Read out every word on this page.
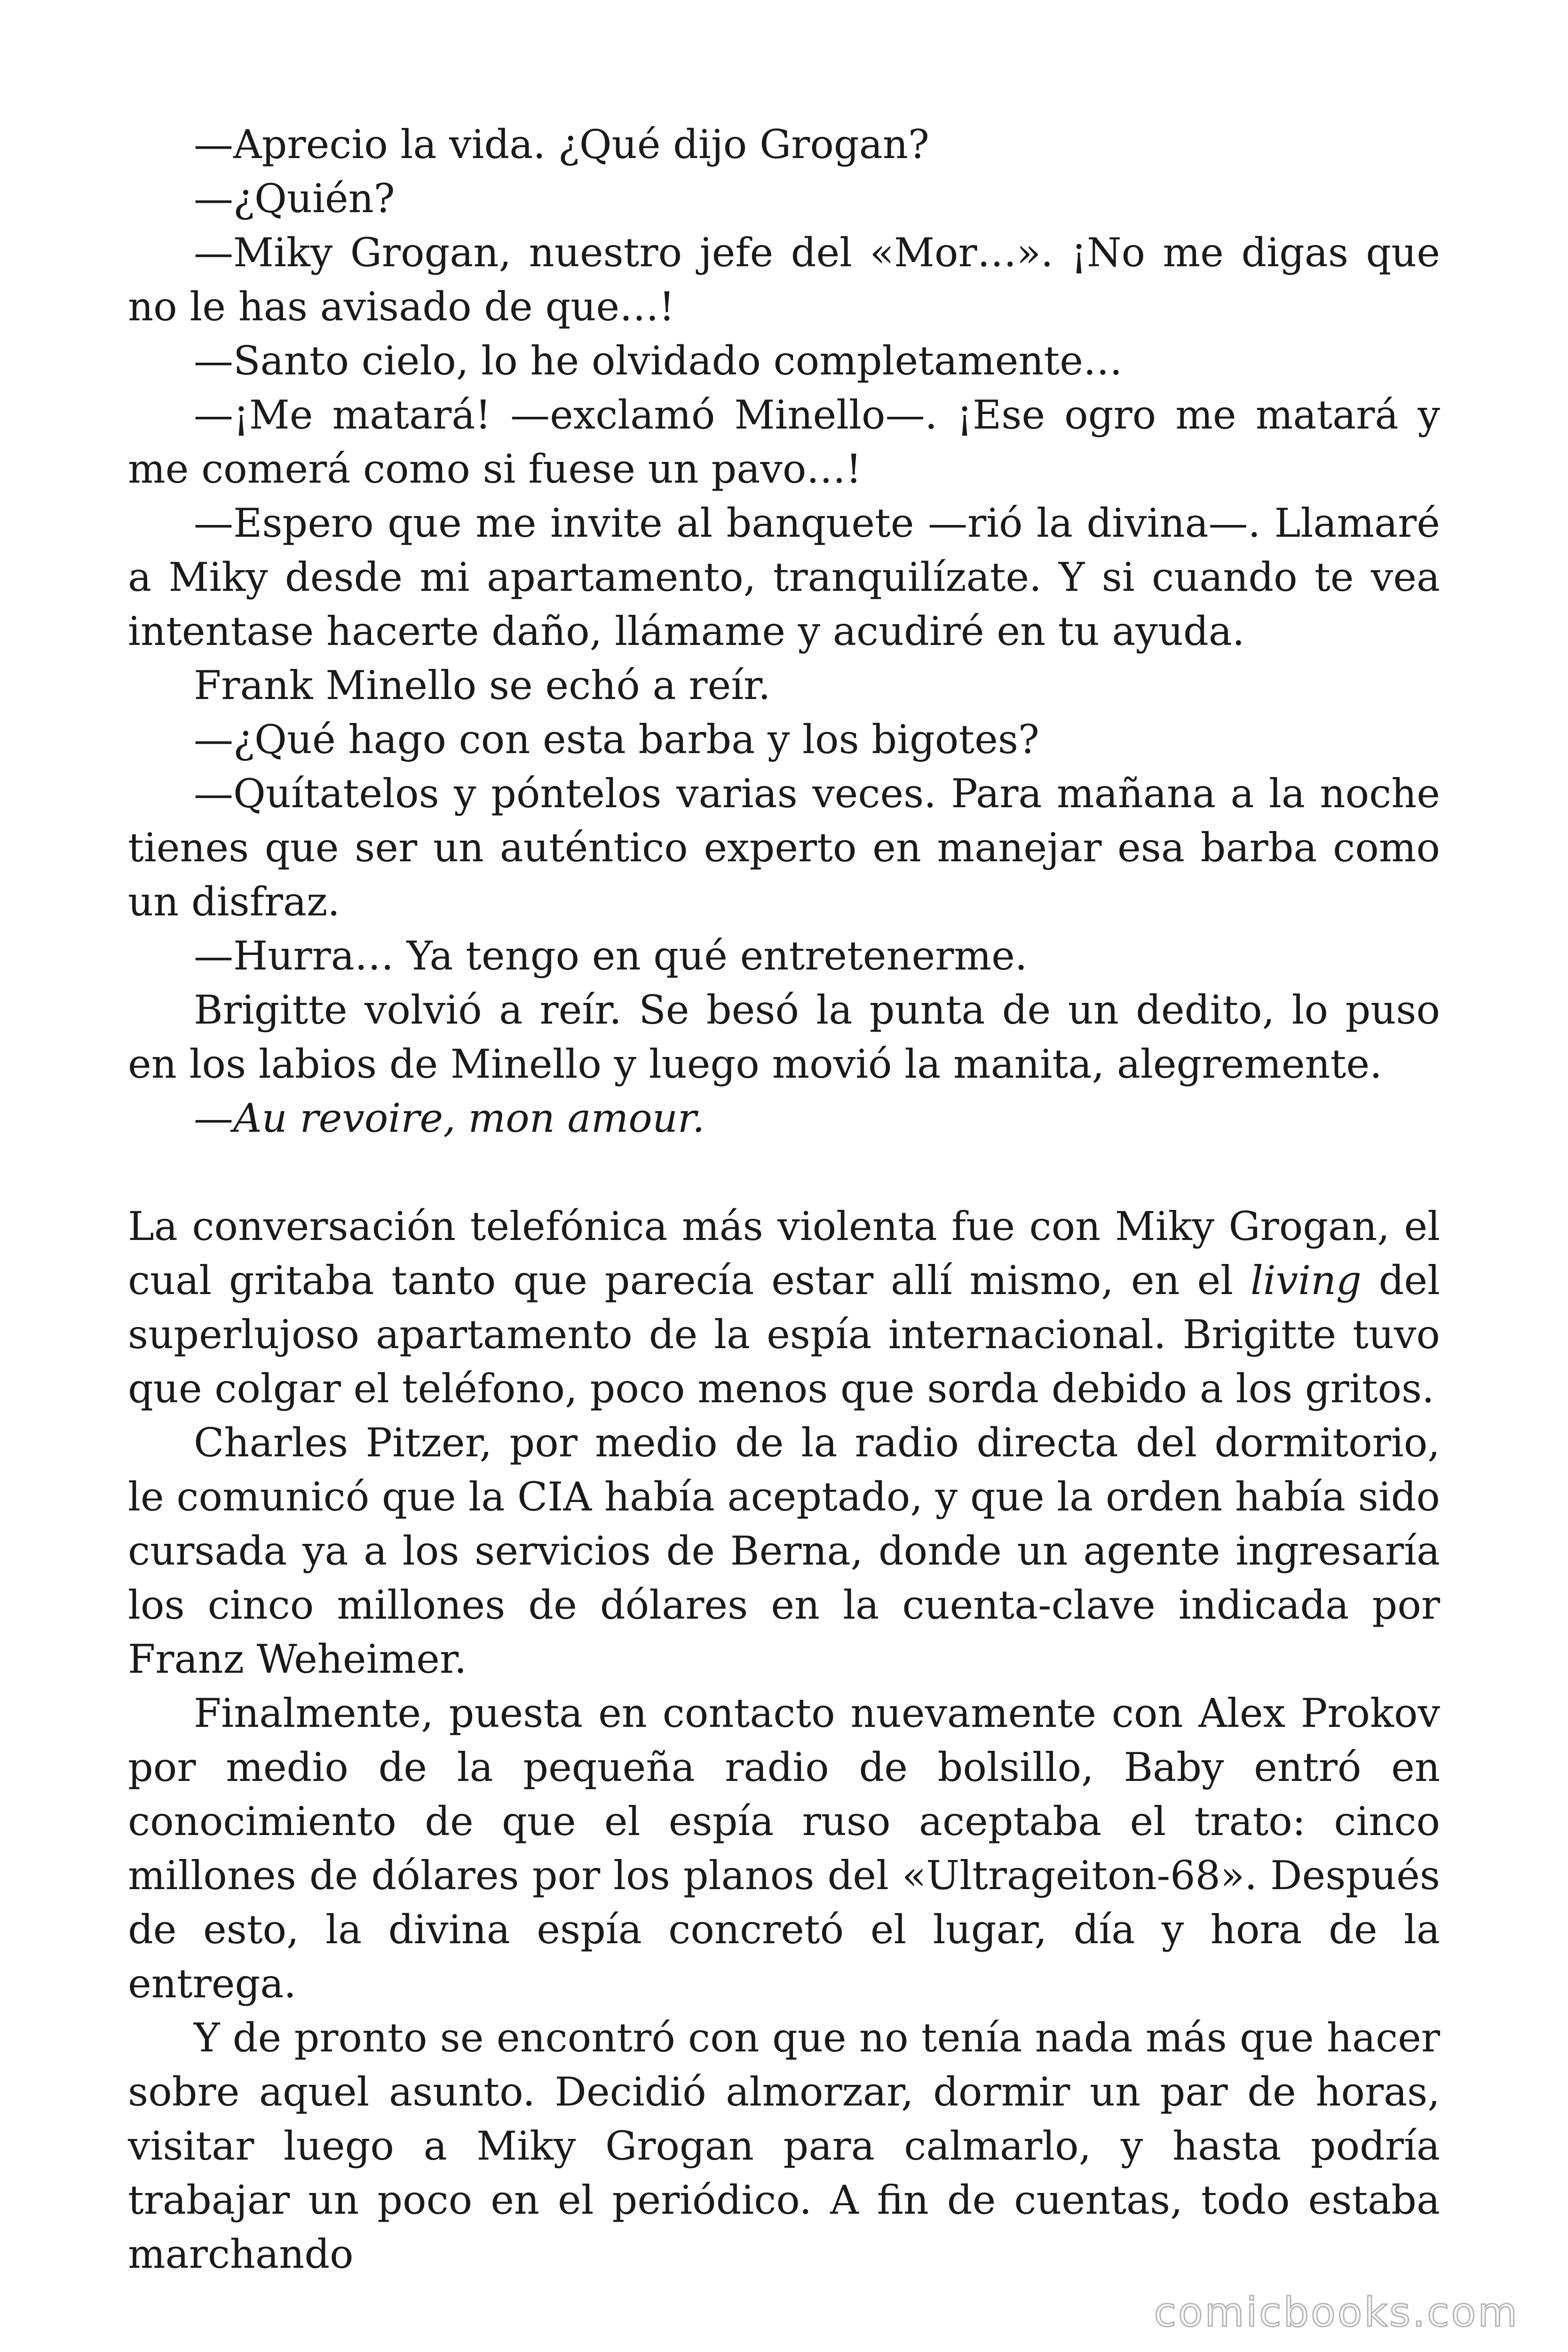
—Aprecio la vida. ¿Qué dijo Grogan?

—¿Quién?

—Miky Grogan, nuestro jefe del «Mor…». ¡No me digas que no le has avisado de que…!

—Santo cielo, lo he olvidado completamente…

—¡Me matará! —exclamó Minello—. ¡Ese ogro me matará y me comerá como si fuese un pavo…!

—Espero que me invite al banquete —rió la divina—. Llamaré a Miky desde mi apartamento, tranquilízate. Y si cuando te vea intentase hacerte daño, llámame y acudiré en tu ayuda.

Frank Minello se echó a reír.

—¿Qué hago con esta barba y los bigotes?

—Quítatelos y póntelos varias veces. Para mañana a la noche tienes que ser un auténtico experto en manejar esa barba como un disfraz.

—Hurra… Ya tengo en qué entretenerme.

Brigitte volvió a reír. Se besó la punta de un dedito, lo puso en los labios de Minello y luego movió la manita, alegremente.

—Au revoire, mon amour.

La conversación telefónica más violenta fue con Miky Grogan, el cual gritaba tanto que parecía estar allí mismo, en el living del superlujoso apartamento de la espía internacional. Brigitte tuvo que colgar el teléfono, poco menos que sorda debido a los gritos.

Charles Pitzer, por medio de la radio directa del dormitorio, le comunicó que la CIA había aceptado, y que la orden había sido cursada ya a los servicios de Berna, donde un agente ingresaría los cinco millones de dólares en la cuenta-clave indicada por Franz Weheimer.

Finalmente, puesta en contacto nuevamente con Alex Prokov por medio de la pequeña radio de bolsillo, Baby entró en conocimiento de que el espía ruso aceptaba el trato: cinco millones de dólares por los planos del «Ultrageiton-68». Después de esto, la divina espía concretó el lugar, día y hora de la entrega.

Y de pronto se encontró con que no tenía nada más que hacer sobre aquel asunto. Decidió almorzar, dormir un par de horas, visitar luego a Miky Grogan para calmarlo, y hasta podría trabajar un poco en el periódico. A fin de cuentas, todo estaba marchando

comicbooks.com
